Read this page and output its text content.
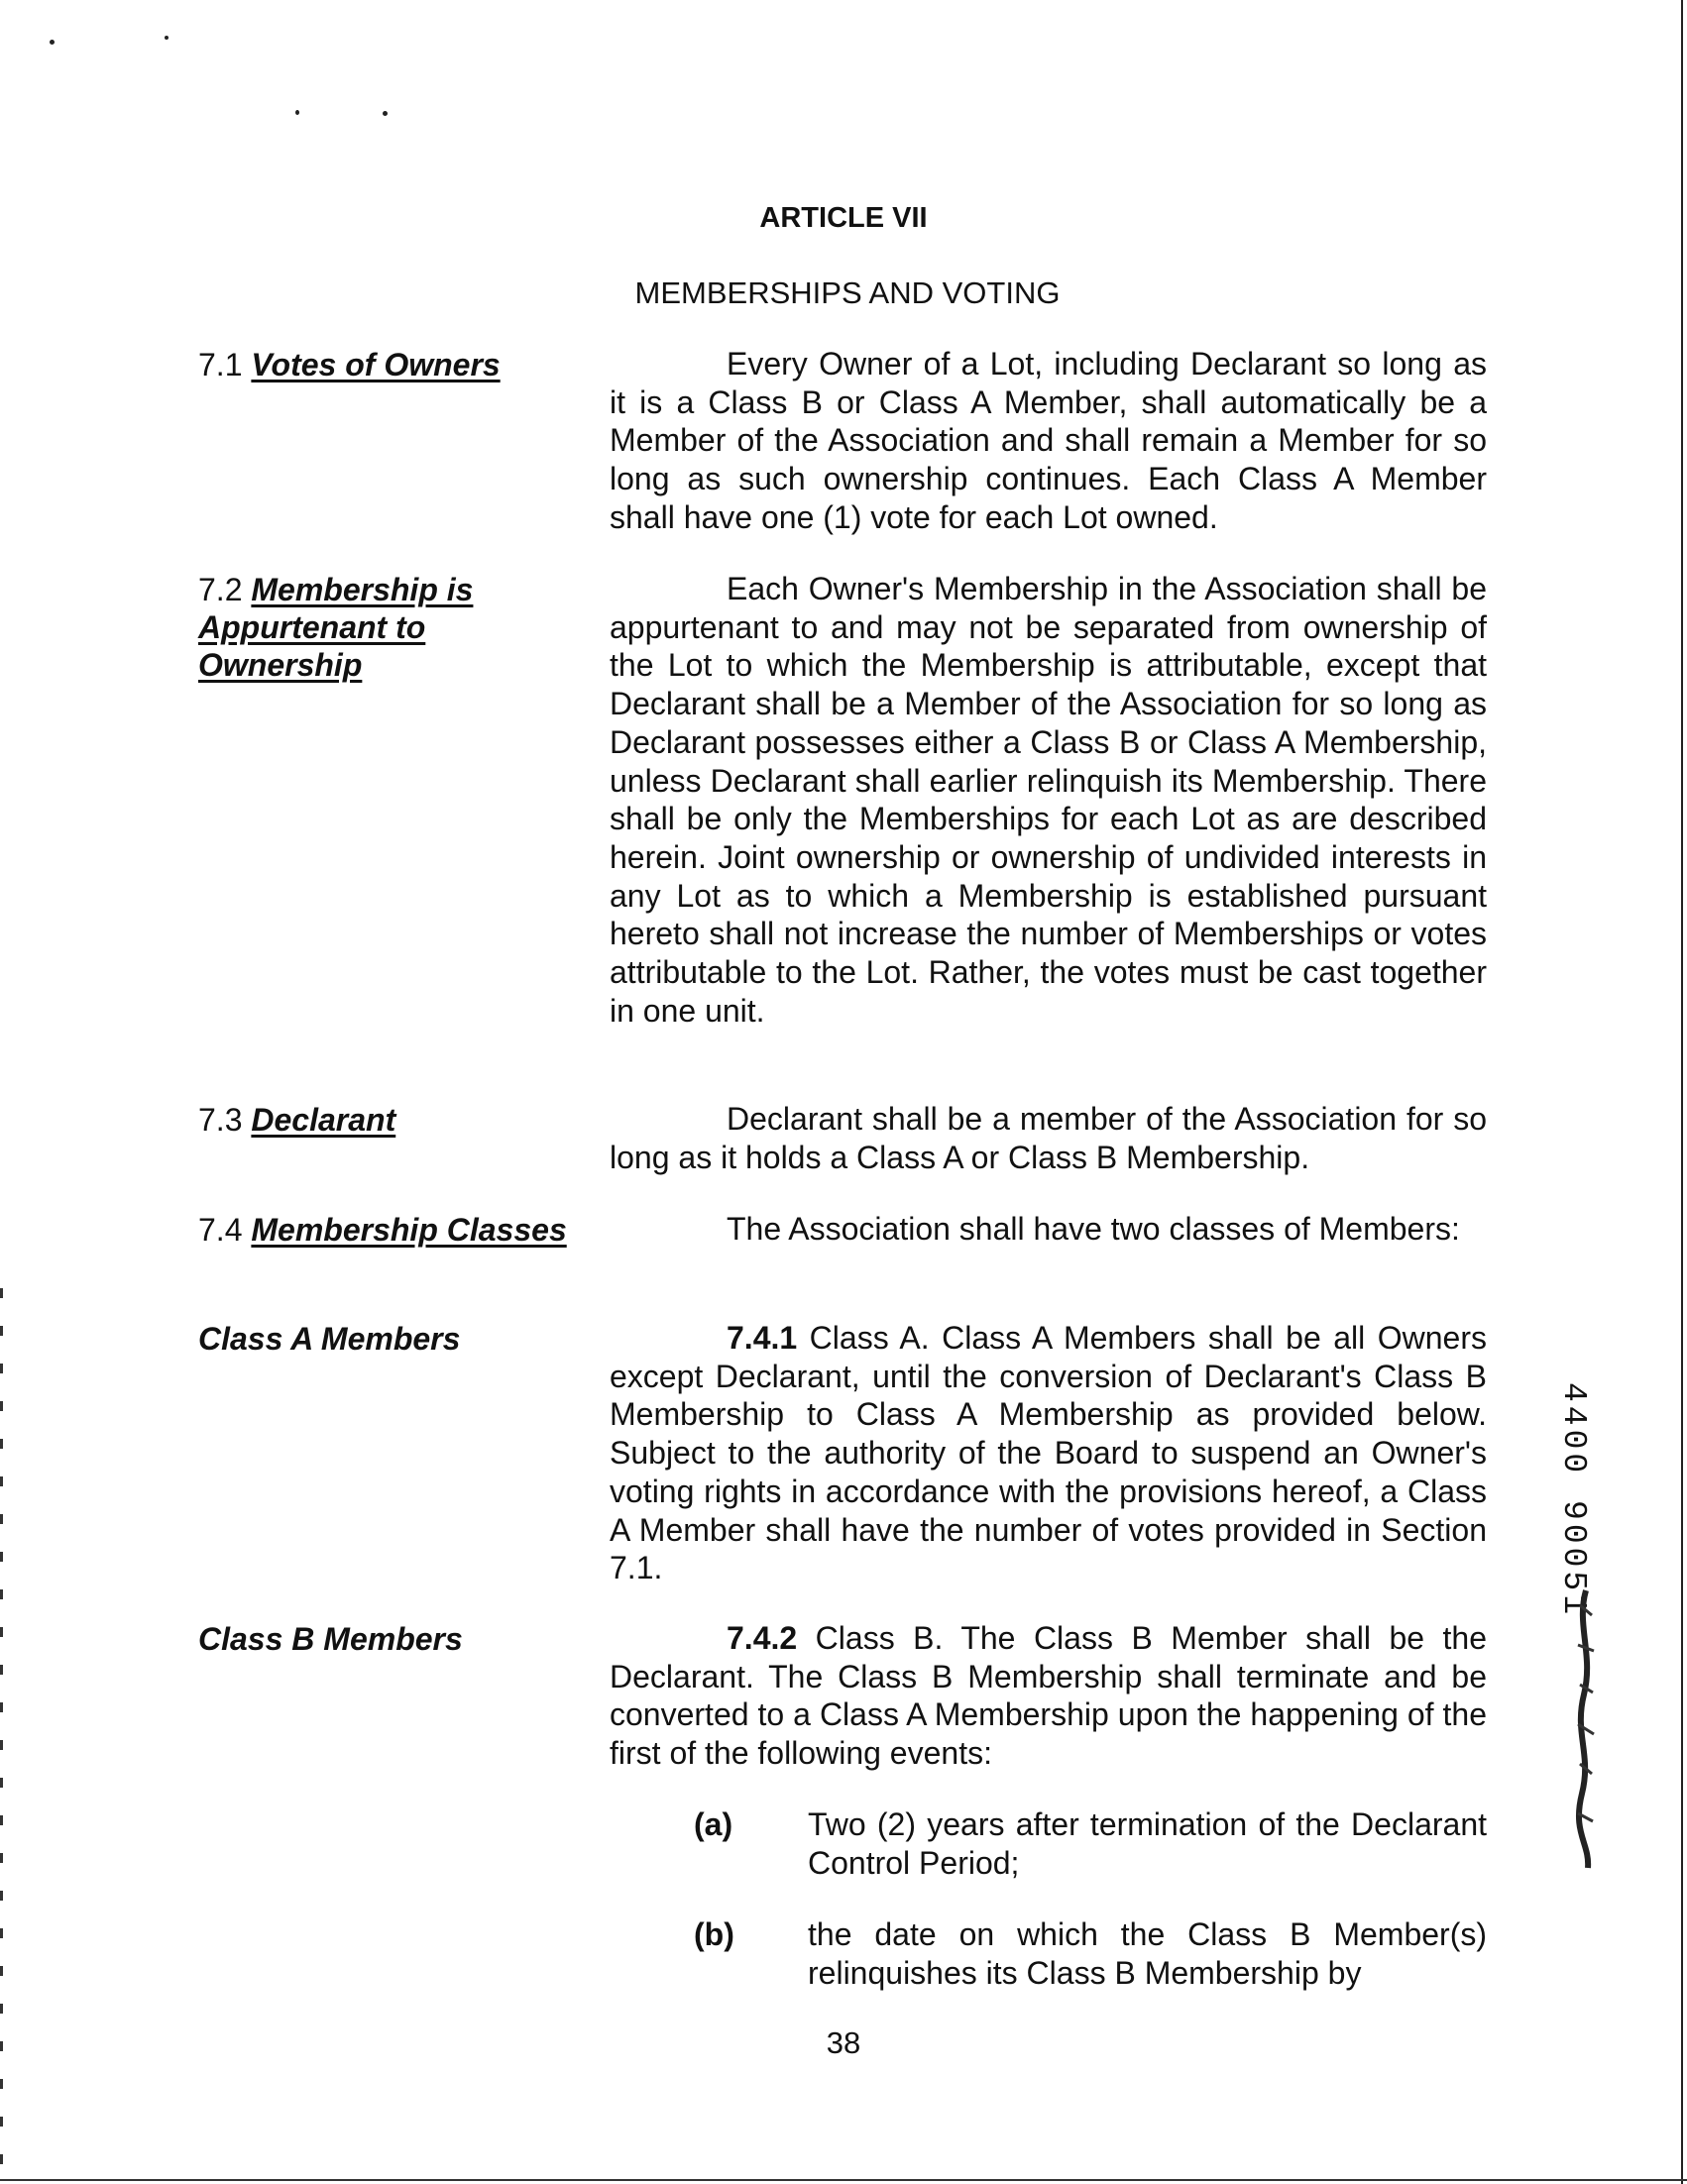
ARTICLE VII
MEMBERSHIPS AND VOTING
7.1 Votes of Owners	Every Owner of a Lot, including Declarant so long as it is a Class B or Class A Member, shall automatically be a Member of the Association and shall remain a Member for so long as such ownership continues. Each Class A Member shall have one (1) vote for each Lot owned.
7.2 Membership is Appurtenant to Ownership
Each Owner's Membership in the Association shall be appurtenant to and may not be separated from ownership of the Lot to which the Membership is attributable, except that Declarant shall be a Member of the Association for so long as Declarant possesses either a Class B or Class A Membership, unless Declarant shall earlier relinquish its Membership. There shall be only the Memberships for each Lot as are described herein. Joint ownership or ownership of undivided interests in any Lot as to which a Membership is established pursuant hereto shall not increase the number of Memberships or votes attributable to the Lot. Rather, the votes must be cast together in one unit.
7.3 Declarant	Declarant shall be a member of the Association for so long as it holds a Class A or Class B Membership.
7.4 Membership Classes	The Association shall have two classes of Members:
Class A Members	7.4.1 Class A. Class A Members shall be all Owners except Declarant, until the conversion of Declarant's Class B Membership to Class A Membership as provided below. Subject to the authority of the Board to suspend an Owner's voting rights in accordance with the provisions hereof, a Class A Member shall have the number of votes provided in Section 7.1.
Class B Members	7.4.2 Class B. The Class B Member shall be the Declarant. The Class B Membership shall terminate and be converted to a Class A Membership upon the happening of the first of the following events:
(a) Two (2) years after termination of the Declarant Control Period;
(b) the date on which the Class B Member(s) relinquishes its Class B Membership by
38
4400 90051
